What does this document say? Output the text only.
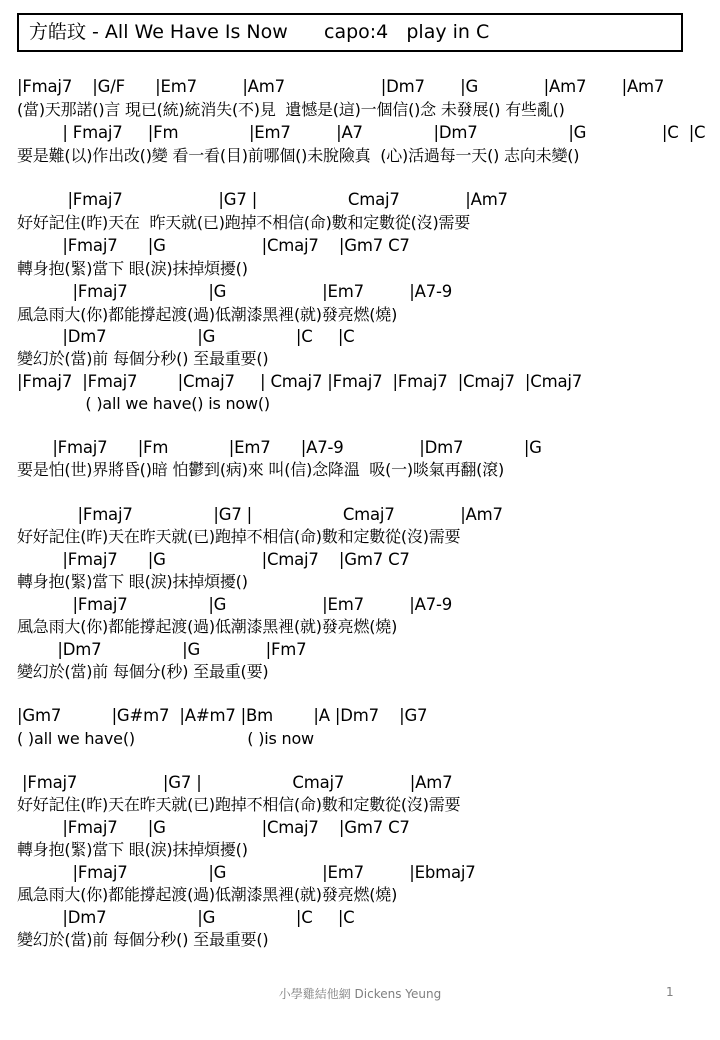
方皓玟 - All We Have Is Now      capo:4   play in C
|Fmaj7    |G/F      |Em7         |Am7                   |Dm7       |G             |Am7       |Am7
(當)天那諾()言 現已(統)統消失(不)見  遺憾是(這)一個信()念 未發展() 有些亂()
| Fmaj7     |Fm              |Em7         |A7              |Dm7                  |G               |C  |C
要是難(以)作出改()變 看一看(目)前哪個()未脫險真  (心)活過每一天() 志向未變()
|Fmaj7                   |G7 |                  Cmaj7             |Am7
好好記住(昨)天在  昨天就(已)跑掉不相信(命)數和定數從(沒)需要
|Fmaj7      |G                   |Cmaj7    |Gm7 C7
轉身抱(緊)當下 眼(淚)抹掉煩擾()
|Fmaj7                |G                   |Em7         |A7-9
風急雨大(你)都能撐起渡(過)低潮漆黑裡(就)發亮燃(燒)
|Dm7                  |G                |C     |C
變幻於(當)前 每個分秒() 至最重要()
|Fmaj7  |Fmaj7        |Cmaj7     | Cmaj7 |Fmaj7  |Fmaj7  |Cmaj7  |Cmaj7
( )all we have() is now()
|Fmaj7      |Fm            |Em7      |A7-9               |Dm7            |G
要是怕(世)界將昏()暗 怕鬱到(病)來 叫(信)念降溫  吸(一)啖氣再翻(滾)
|Fmaj7                |G7 |                  Cmaj7             |Am7
好好記住(昨)天在昨天就(已)跑掉不相信(命)數和定數從(沒)需要
|Fmaj7      |G                   |Cmaj7    |Gm7 C7
轉身抱(緊)當下 眼(淚)抹掉煩擾()
|Fmaj7                |G                   |Em7         |A7-9
風急雨大(你)都能撐起渡(過)低潮漆黑裡(就)發亮燃(燒)
|Dm7                |G             |Fm7
變幻於(當)前 每個分(秒) 至最重(要)
|Gm7          |G#m7  |A#m7 |Bm        |A |Dm7    |G7
( )all we have()                       ( )is now
|Fmaj7                 |G7 |                  Cmaj7             |Am7
好好記住(昨)天在昨天就(已)跑掉不相信(命)數和定數從(沒)需要
|Fmaj7      |G                   |Cmaj7    |Gm7 C7
轉身抱(緊)當下 眼(淚)抹掉煩擾()
|Fmaj7                |G                   |Em7         |Ebmaj7
風急雨大(你)都能撐起渡(過)低潮漆黑裡(就)發亮燃(燒)
|Dm7                  |G                |C     |C
變幻於(當)前 每個分秒() 至最重要()
小學雞結他網 Dickens Yeung	1
